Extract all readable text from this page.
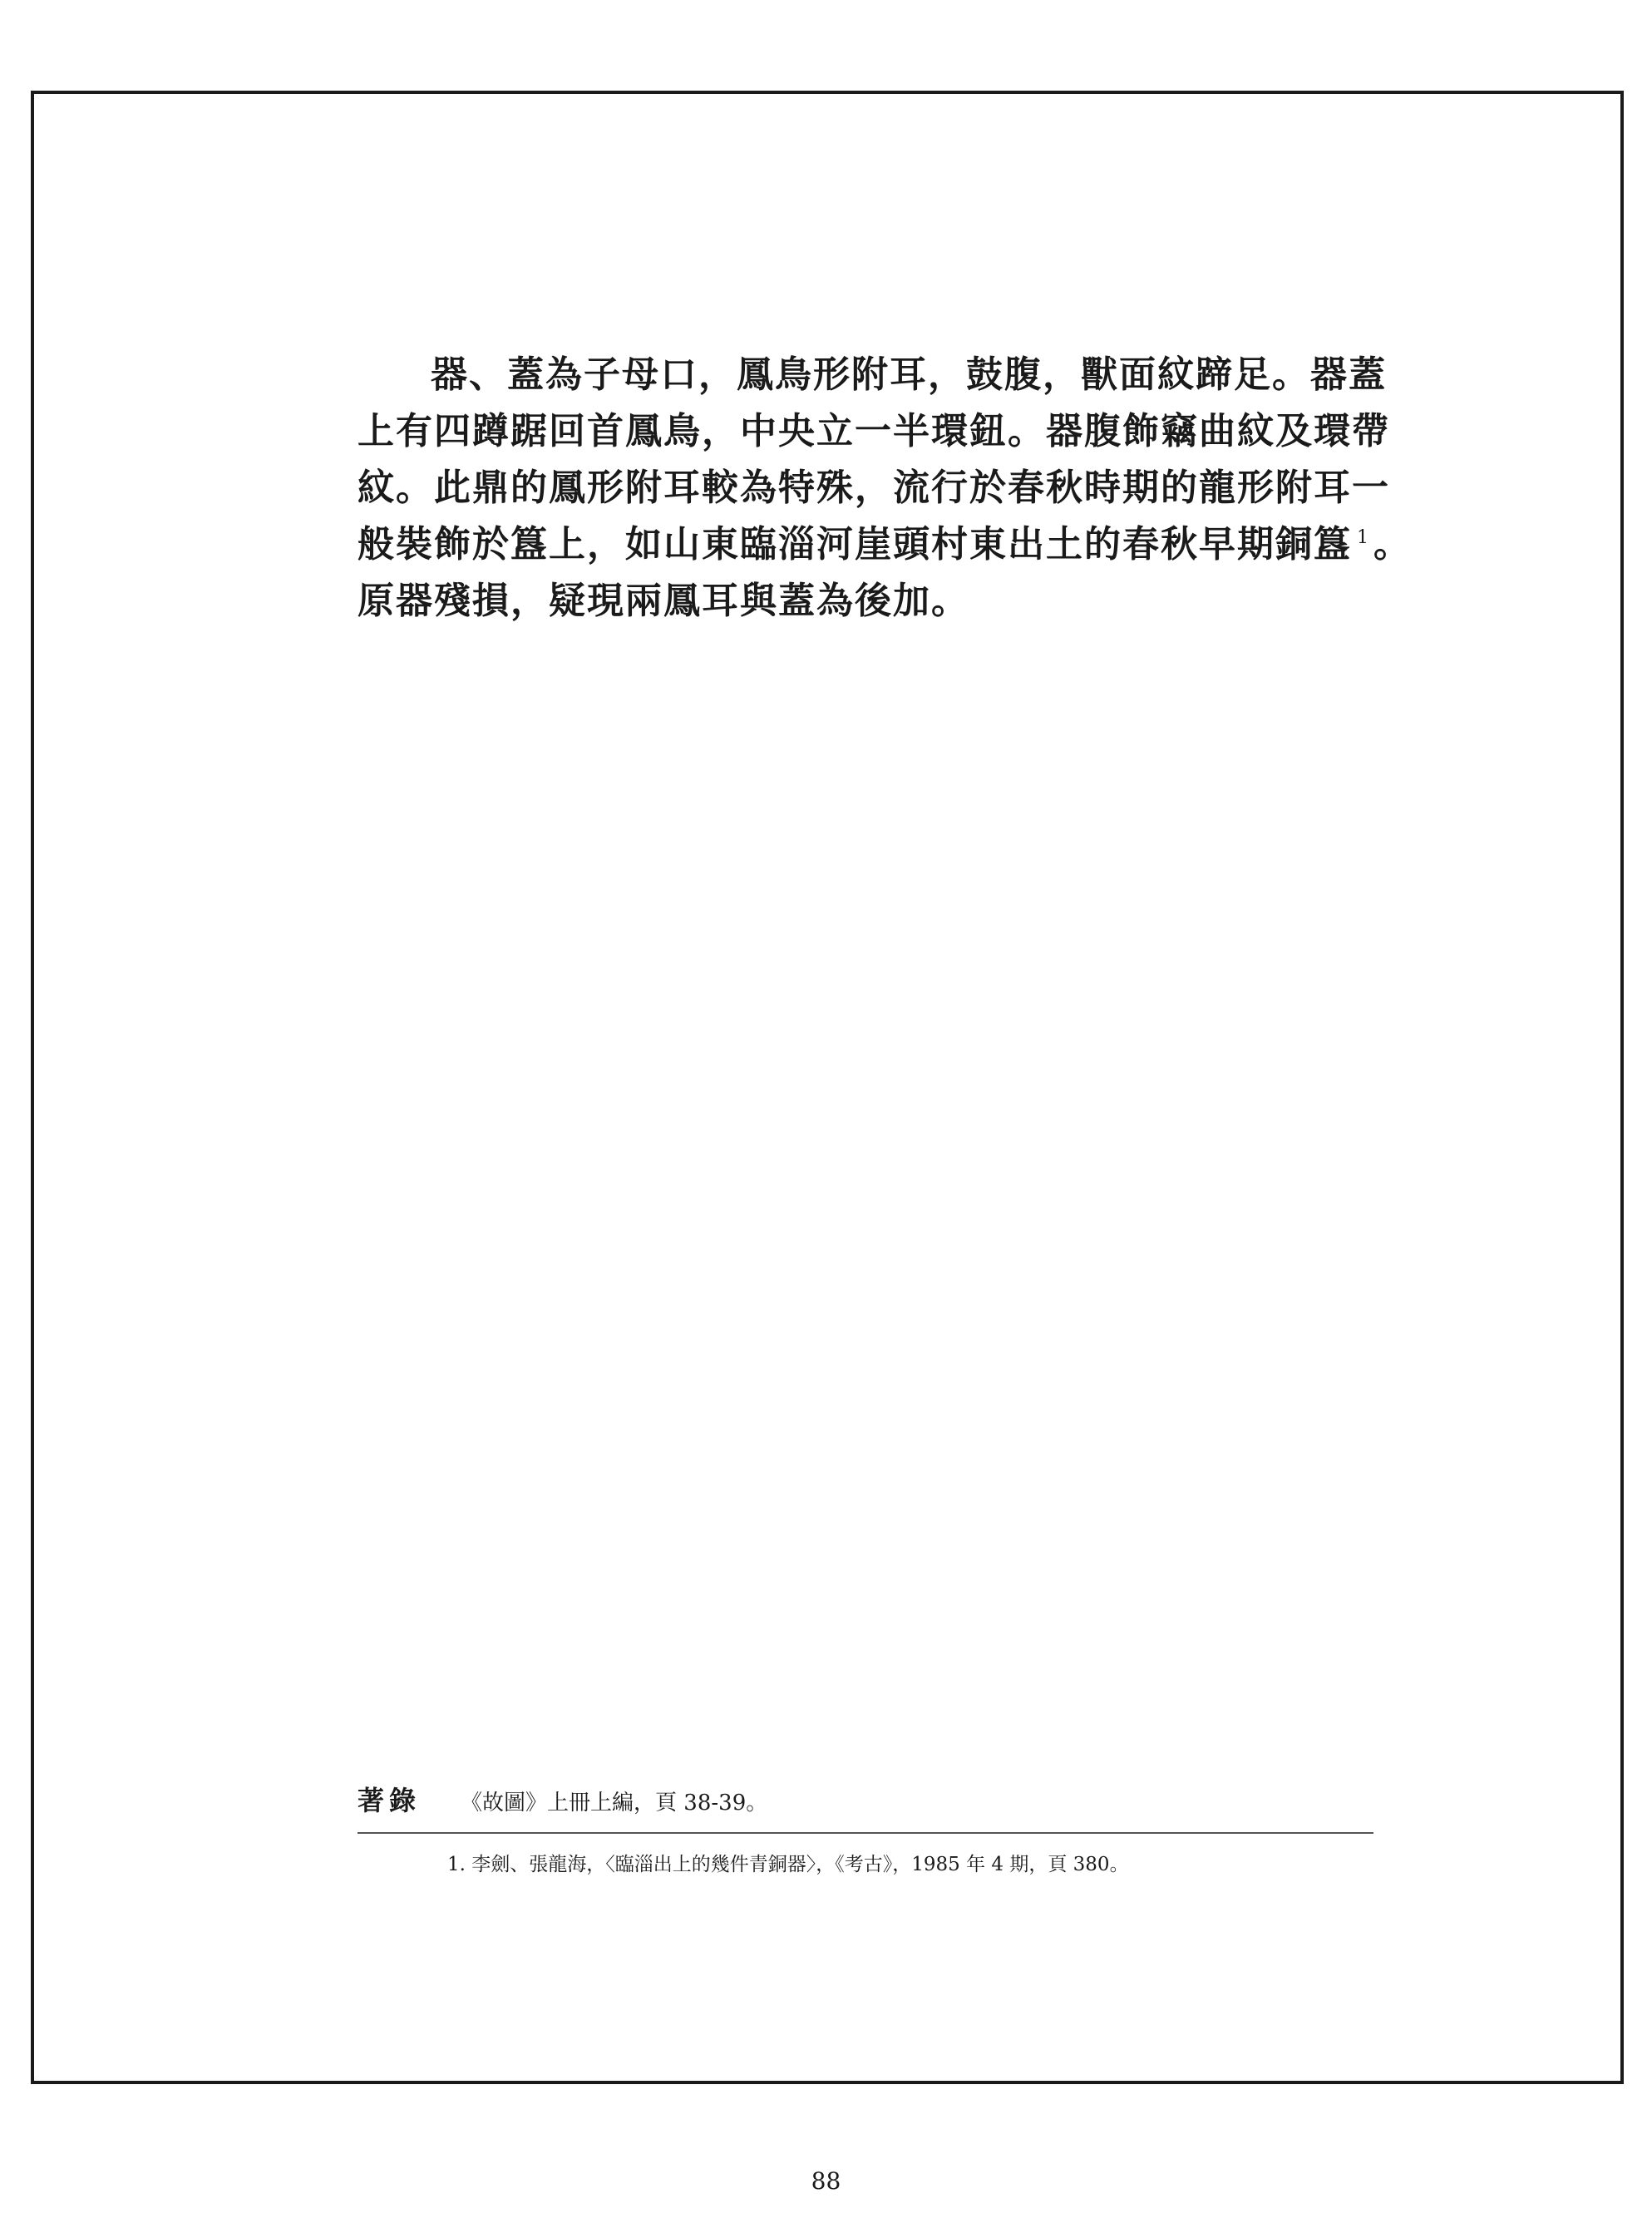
器、蓋為子母口，鳳鳥形附耳，鼓腹，獸面紋蹄足。器蓋
上有四蹲踞回首鳳鳥，中央立一半環鈕。器腹飾竊曲紋及環帶
紋。此鼎的鳳形附耳較為特殊，流行於春秋時期的龍形附耳一
般裝飾於簋上，如山東臨淄河崖頭村東出土的春秋早期銅簋 $^1$。
原器殘損，疑現兩鳳耳與蓋為後加。
著錄 《故圖》上冊上編，頁 38-39。
1. 李劍、張龍海，〈臨淄出上的幾件青銅器〉，《考古》，1985 年 4 期，頁 380。
88
